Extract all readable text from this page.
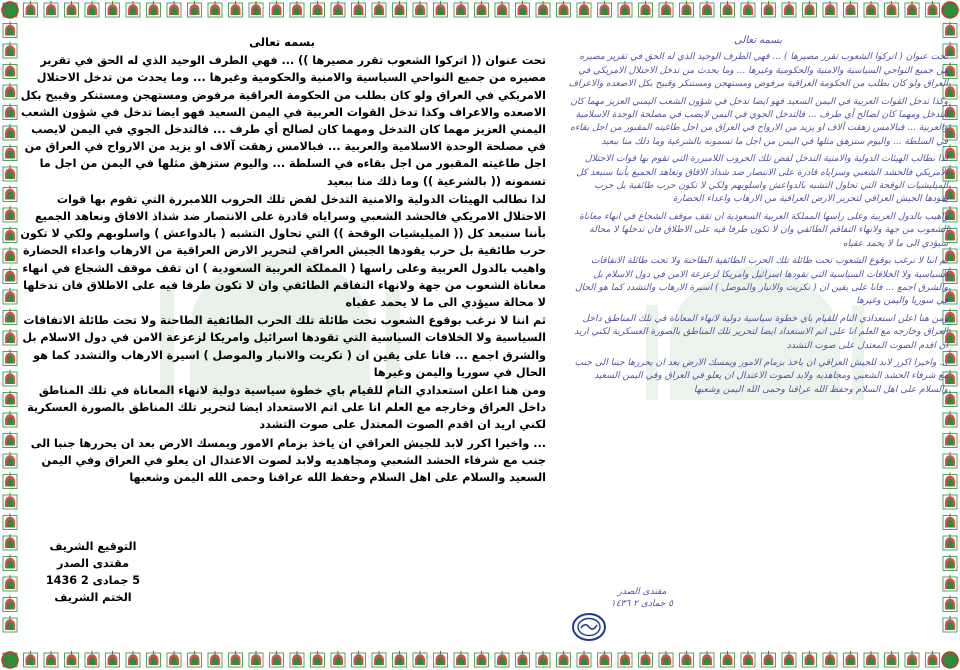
بسمه تعالى

تحت عنوان (( اتركوا الشعوب تقرر مصيرها )) ... فهي الطرف الوحيد الذي له الحق في تقرير مصيره من جميع النواحي السياسية والامنية والحكومية وغيرها ... وما يحدث من تدخل الاحتلال الامريكي في العراق ولو كان بطلب من الحكومة العراقية مرفوض ومستهجن ومستنكر وقبيح بكل الاصعده والاعراف وكذا تدخل القوات العربية في اليمن السعيد فهو ايضا تدخل في شؤون الشعب اليمني العزيز مهما كان التدخل ومهما كان لصالح أي طرف ... فالتدخل الجوي في اليمن لايصب في مصلحة الوحدة الاسلامية والعربية ... فبالامس زهقت آلاف او يزيد من الارواح في العراق من اجل طاغيته المقبور من اجل بقاءه في السلطة ... واليوم ستزهق مثلها في اليمن من اجل ما تسمونه (( بالشرعية )) وما ذلك منا ببعيد

لذا نطالب الهيئات الدولية والامنية التدخل لفض تلك الحروب اللامبررة التي تقوم بها قوات الاحتلال الامريكي فالحشد الشعبي وسراياه قادرة على الانتصار ضد شذاذ الافاق ونعاهد الجميع بأننا سنبعد كل (( الميليشيات الوقحة )) التي تحاول التشبه ( بالدواعش ) واسلوبهم ولكي لا تكون حرب طائفية بل حرب يقودها الجيش العراقي لتحرير الارض العراقية من الارهاب واعداء الحضارة واهيب بالدول العربية وعلى راسها ( المملكة العربية السعودية ) ان تقف موقف الشجاع في انهاء معاناة الشعوب من جهة ولانهاء التفاقم الطائفي وان لا تكون طرفا فيه على الاطلاق فان تدخلها لا محالة سيؤدي الى ما لا يحمد عقباه

ثم اننا لا نرغب بوقوع الشعوب تحت طائلة تلك الحرب الطائفية الطاحنة ولا تحت طائلة الاتفاقات السياسية ولا الخلافات السياسية التي تقودها اسرائيل وامريكا لزعزعة الامن في دول الاسلام بل والشرق اجمع ... فانا على يقين ان ( تكريت والانبار والموصل ) اسيرة الارهاب والتشدد كما هو الحال في سوريا واليمن وغيرها

ومن هنا اعلن استعدادي التام للقيام باي خطوة سياسية دولية لانهاء المعاناة في تلك المناطق داخل العراق وخارجه مع العلم انا على اتم الاستعداد ايضا لتحرير تلك المناطق بالصورة العسكرية لكني اريد ان اقدم الصوت المعتدل على صوت التشدد

... واخيرا اكرر لابد للجيش العراقي ان ياخذ بزمام الامور ويمسك الارض بعد ان يحررها جنبا الى جنب مع شرفاء الحشد الشعبي ومجاهديه ولابد لصوت الاعتدال ان يعلو في العراق وفي اليمن السعيد والسلام على اهل السلام وحفظ الله عراقنا وحمى الله اليمن وشعبها

التوقيع الشريف
مقتدى الصدر
5 جمادى 2 1436
الختم الشريف
بسمه تعالى

تحت عنوان ( اتركوا الشعوب تقرر مصيرها ) ... فهي الطرف الوحيد الذي له الحق في تقرير مصيره من جميع النواحي السياسية والامنية والحكومية وغيرها ... وما يحدث من تدخل الاحتلال الامريكي في العراق ولو كان بطلب من الحكومة العراقية مرفوض ومستهجن ومستنكر وقبيح بكل الاصعده والاعراف

وكذا تدخل القوات العربية في اليمن السعيد فهو ايضا تدخل في شؤون الشعب اليمني العزيز مهما كان التدخل ومهما كان لصالح أي طرف ... فالتدخل الجوي في اليمن لايصب في مصلحة الوحدة الاسلامية والعربية ... فبالامس زهقت آلاف او يزيد من الارواح في العراق من اجل طاغيته المقبور من اجل بقاءه في السلطة ... واليوم ستزهق مثلها في اليمن من اجل ما تسمونه بالشرعية وما ذلك منا ببعيد

لذا نطالب الهيئات الدولية والامنية التدخل لفض تلك الحروب اللامبررة التي تقوم بها قوات الاحتلال الامريكي فالحشد الشعبي وسراياه قادرة على الانتصار ضد شذاذ الافاق ونعاهد الجميع بأننا سنبعد كل الميليشيات الوقحة التي تحاول التشبه بالدواعش واسلوبهم ولكي لا تكون حرب طائفية بل حرب يقودها الجيش العراقي لتحرير الارض العراقية من الارهاب واعداء الحضارة

واهيب بالدول العربية وعلى راسها المملكة العربية السعودية ان تقف موقف الشجاع في انهاء معاناة الشعوب من جهة ولانهاء التفاقم الطائفي وان لا تكون طرفا فيه على الاطلاق فان تدخلها لا محالة سيؤدي الى ما لا يحمد عقباه

ثم اننا لا نرغب بوقوع الشعوب تحت طائلة تلك الحرب الطائفية الطاحنة ولا تحت طائلة الاتفاقات السياسية ولا الخلافات السياسية التي تقودها اسرائيل وامريكا لزعزعة الامن في دول الاسلام بل والشرق اجمع ... فانا على يقين ان ( تكريت والانبار والموصل ) اسيرة الارهاب والتشدد كما هو الحال في سوريا واليمن وغيرها

ومن هنا اعلن استعدادي التام للقيام باي خطوة سياسية دولية لانهاء المعاناة في تلك المناطق داخل العراق وخارجه مع العلم انا على اتم الاستعداد ايضا لتحرير تلك المناطق بالصورة العسكرية لكني اريد ان اقدم الصوت المعتدل على صوت التشدد

... واخيرا اكرر لابد للجيش العراقي ان ياخذ بزمام الامور ويمسك الارض بعد ان يحررها جنبا الى جنب مع شرفاء الحشد الشعبي ومجاهديه ولابد لصوت الاعتدال ان يعلو في العراق وفي اليمن السعيد والسلام على اهل السلام وحفظ الله عراقنا وحمى الله اليمن وشعبها

مقتدى الصدر
٥ جمادى ٢ ١٤٣٦
